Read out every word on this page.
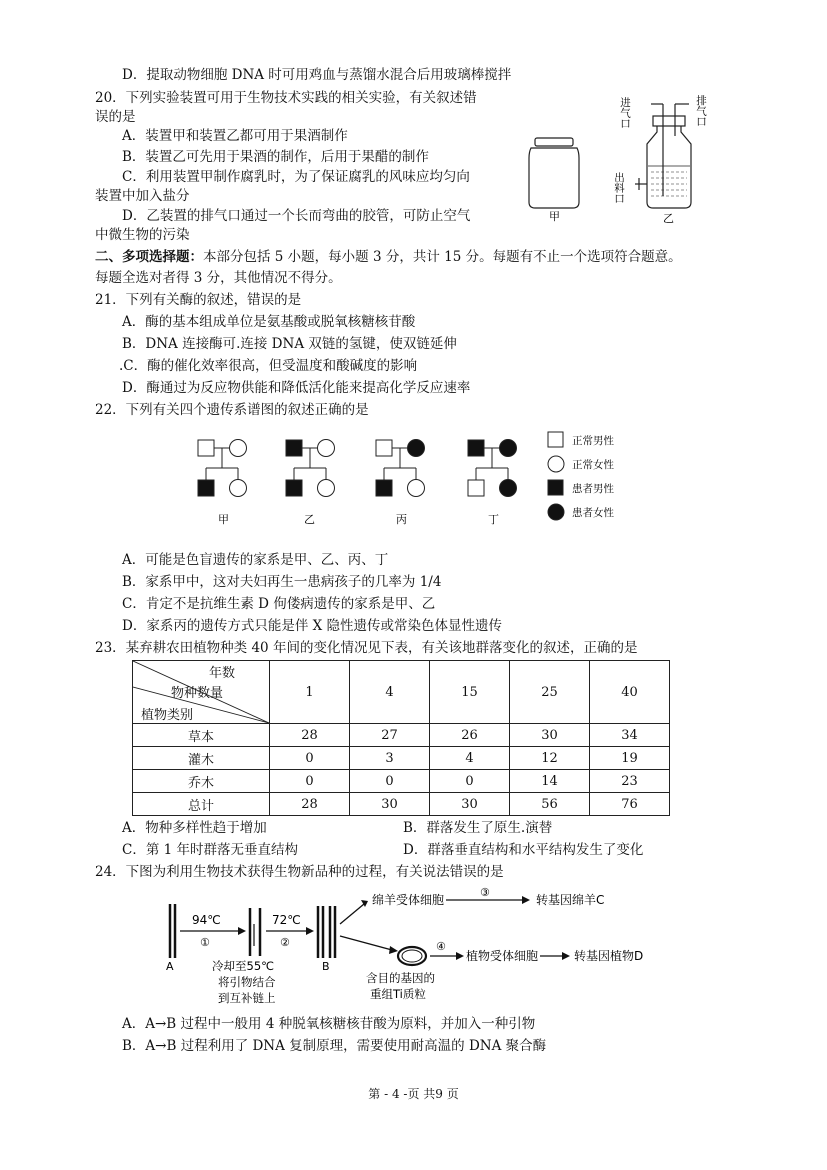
D．提取动物细胞 DNA 时可用鸡血与蒸馏水混合后用玻璃棒搅拌
20．下列实验装置可用于生物技术实践的相关实验，有关叙述错
误的是
A．装置甲和装置乙都可用于果酒制作
B．装置乙可先用于果酒的制作，后用于果醋的制作
C．利用装置甲制作腐乳时，为了保证腐乳的风味应均匀向
装置中加入盐分
D．乙装置的排气口通过一个长而弯曲的胶管，可防止空气
中微生物的污染
甲
进气口	排气口
出料口
乙
二、多项选择题：本部分包括 5 小题，每小题 3 分，共计 15 分。每题有不止一个选项符合题意。
每题全选对者得 3 分，其他情况不得分。
21．下列有关酶的叙述，错误的是
A．酶的基本组成单位是氨基酸或脱氧核糖核苷酸
B．DNA 连接酶可.连接 DNA 双链的氢键，使双链延伸
.C．酶的催化效率很高，但受温度和酸碱度的影响
D．酶通过为反应物供能和降低活化能来提高化学反应速率
22．下列有关四个遗传系谱图的叙述正确的是
甲	乙	丙	丁
正常男性
正常女性
患者男性
患者女性
A．可能是色盲遗传的家系是甲、乙、丙、丁
B．家系甲中，这对夫妇再生一患病孩子的几率为 1/4
C．肯定不是抗维生素 D 佝偻病遗传的家系是甲、乙
D．家系丙的遗传方式只能是伴 X 隐性遗传或常染色体显性遗传
23．某弃耕农田植物种类 40 年间的变化情况见下表，有关该地群落变化的叙述，正确的是
年数
物种数量
植物类别	1	4	15	25	40
草本	28	27	26	30	34
灌木	0	3	4	12	19
乔木	0	0	0	14	23
总计	28	30	30	56	76
A．物种多样性趋于增加	B．群落发生了原生.演替
C．第 1 年时群落无垂直结构	D．群落垂直结构和水平结构发生了变化
24．下图为利用生物技术获得生物新品种的过程，有关说法错误的是
A
94℃
①
72℃
②
B
冷却至55℃
将引物结合
到互补链上
绵羊受体细胞
③
转基因绵羊C
④
植物受体细胞	转基因植物D
含目的基因的
重组Ti质粒
A．A→B 过程中一般用 4 种脱氧核糖核苷酸为原料，并加入一种引物
B．A→B 过程利用了 DNA 复制原理，需要使用耐高温的 DNA 聚合酶
第 - 4 -页 共9 页
